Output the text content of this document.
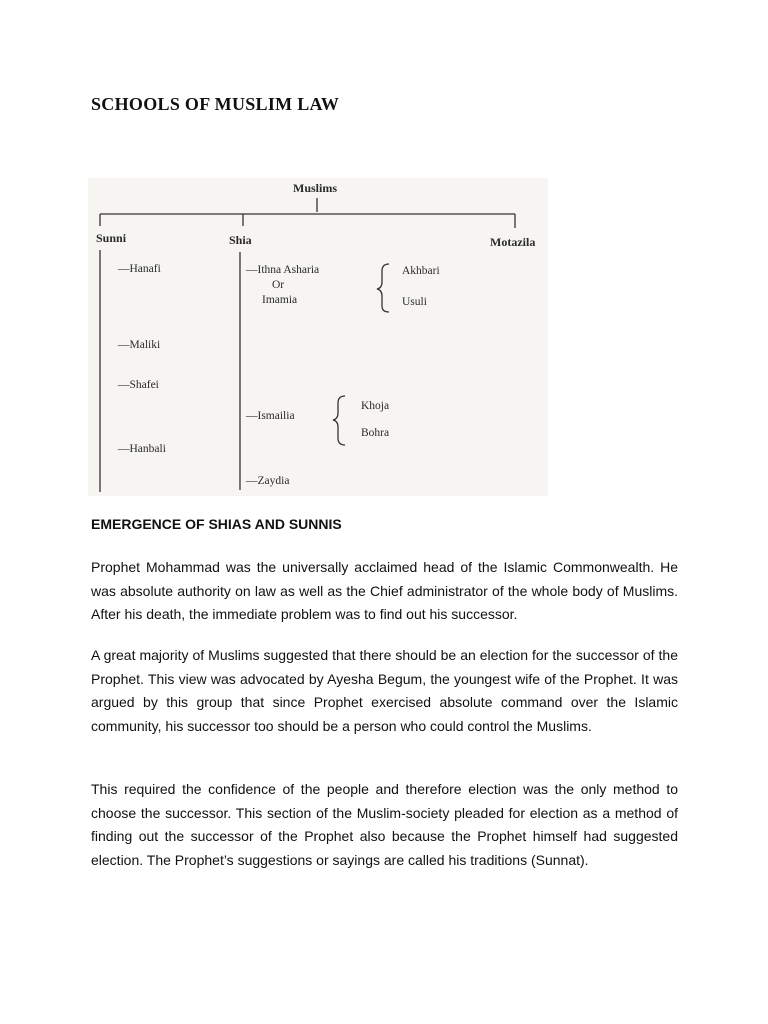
SCHOOLS OF MUSLIM LAW
Muslims
Sunni	Shia	Motazila
—Hanafi
—Maliki
—Shafei
—Hanbali
—Ithna Asharia
Or
Imamia
Akhbari
Usuli
—Ismailia
Khoja
Bohra
—Zaydia
EMERGENCE OF SHIAS AND SUNNIS

Prophet Mohammad was the universally acclaimed head of the Islamic Commonwealth. He was absolute authority on law as well as the Chief administrator of the whole body of Muslims. After his death, the immediate problem was to find out his successor.

A great majority of Muslims suggested that there should be an election for the successor of the Prophet. This view was advocated by Ayesha Begum, the youngest wife of the Prophet. It was argued by this group that since Prophet exercised absolute command over the Islamic community, his successor too should be a person who could control the Muslims.

This required the confidence of the people and therefore election was the only method to choose the successor. This section of the Muslim-society pleaded for election as a method of finding out the successor of the Prophet also because the Prophet himself had suggested election. The Prophet’s suggestions or sayings are called his traditions (Sunnat).
